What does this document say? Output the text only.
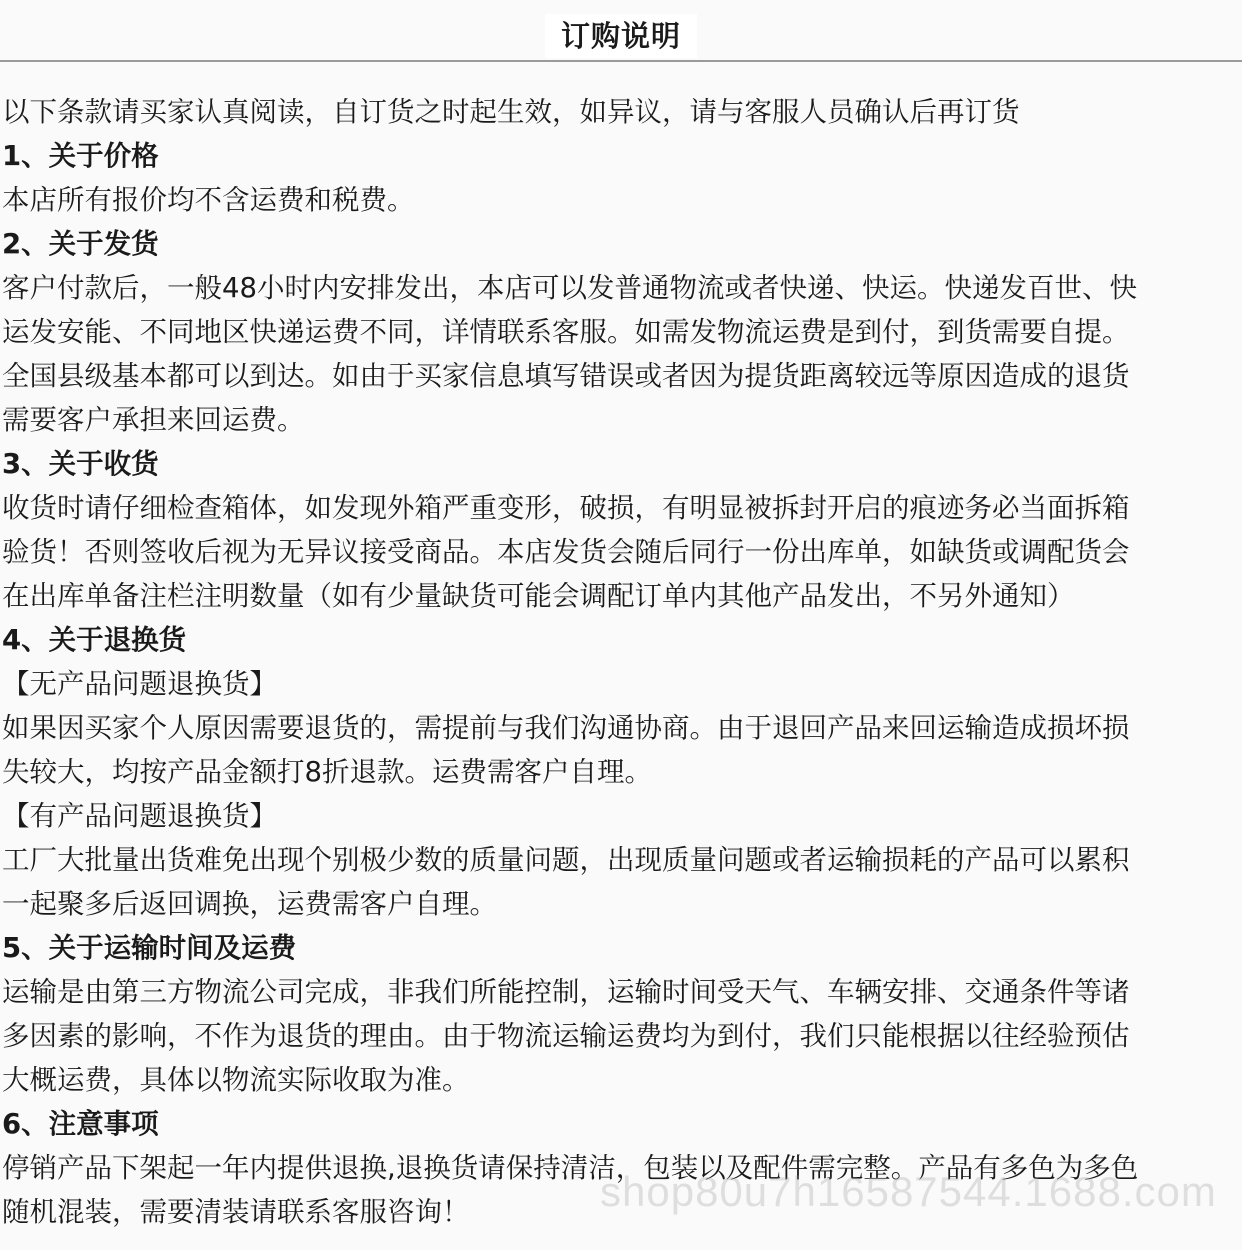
订购说明
以下条款请买家认真阅读，自订货之时起生效，如异议，请与客服人员确认后再订货
1、关于价格
本店所有报价均不含运费和税费。
2、关于发货
客户付款后，一般48小时内安排发出，本店可以发普通物流或者快递、快运。快递发百世、快
运发安能、不同地区快递运费不同，详情联系客服。如需发物流运费是到付，到货需要自提。
全国县级基本都可以到达。如由于买家信息填写错误或者因为提货距离较远等原因造成的退货
需要客户承担来回运费。
3、关于收货
收货时请仔细检查箱体，如发现外箱严重变形，破损，有明显被拆封开启的痕迹务必当面拆箱
验货！否则签收后视为无异议接受商品。本店发货会随后同行一份出库单，如缺货或调配货会
在出库单备注栏注明数量（如有少量缺货可能会调配订单内其他产品发出，不另外通知）
4、关于退换货
【无产品问题退换货】
如果因买家个人原因需要退货的，需提前与我们沟通协商。由于退回产品来回运输造成损坏损
失较大，均按产品金额打8折退款。运费需客户自理。
【有产品问题退换货】
工厂大批量出货难免出现个别极少数的质量问题，出现质量问题或者运输损耗的产品可以累积
一起聚多后返回调换，运费需客户自理。
5、关于运输时间及运费
运输是由第三方物流公司完成，非我们所能控制，运输时间受天气、车辆安排、交通条件等诸
多因素的影响，不作为退货的理由。由于物流运输运费均为到付，我们只能根据以往经验预估
大概运费，具体以物流实际收取为准。
6、注意事项
停销产品下架起一年内提供退换,退换货请保持清洁，包装以及配件需完整。产品有多色为多色
随机混装，需要清装请联系客服咨询！	shop80u7h16587544.1688.com
